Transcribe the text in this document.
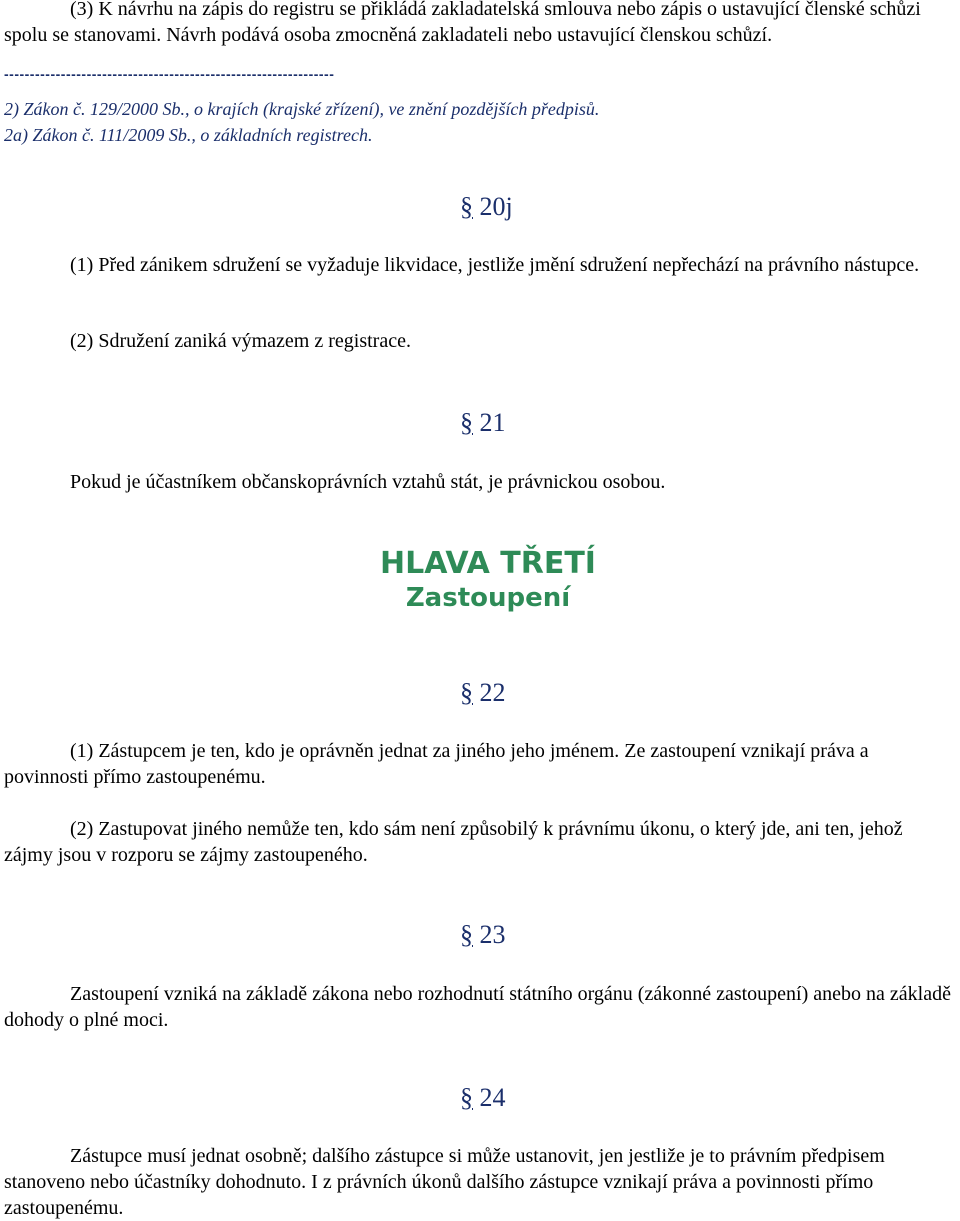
(3) K návrhu na zápis do registru se přikládá zakladatelská smlouva nebo zápis o ustavující členské schůzi spolu se stanovami. Návrh podává osoba zmocněná zakladateli nebo ustavující členskou schůzí.

----------------------------------------------------------------

2) Zákon č. 129/2000 Sb., o krajích (krajské zřízení), ve znění pozdějších předpisů.

2a) Zákon č. 111/2009 Sb., o základních registrech.

§ 20j

(1) Před zánikem sdružení se vyžaduje likvidace, jestliže jmění sdružení nepřechází na právního nástupce.

(2) Sdružení zaniká výmazem z registrace.

§ 21

Pokud je účastníkem občanskoprávních vztahů stát, je právnickou osobou.

HLAVA TŘETÍ

Zastoupení

§ 22

(1) Zástupcem je ten, kdo je oprávněn jednat za jiného jeho jménem. Ze zastoupení vznikají práva a povinnosti přímo zastoupenému.

(2) Zastupovat jiného nemůže ten, kdo sám není způsobilý k právnímu úkonu, o který jde, ani ten, jehož zájmy jsou v rozporu se zájmy zastoupeného.

§ 23

Zastoupení vzniká na základě zákona nebo rozhodnutí státního orgánu (zákonné zastoupení) anebo na základě dohody o plné moci.

§ 24

Zástupce musí jednat osobně; dalšího zástupce si může ustanovit, jen jestliže je to právním předpisem stanoveno nebo účastníky dohodnuto. I z právních úkonů dalšího zástupce vznikají práva a povinnosti přímo zastoupenému.
